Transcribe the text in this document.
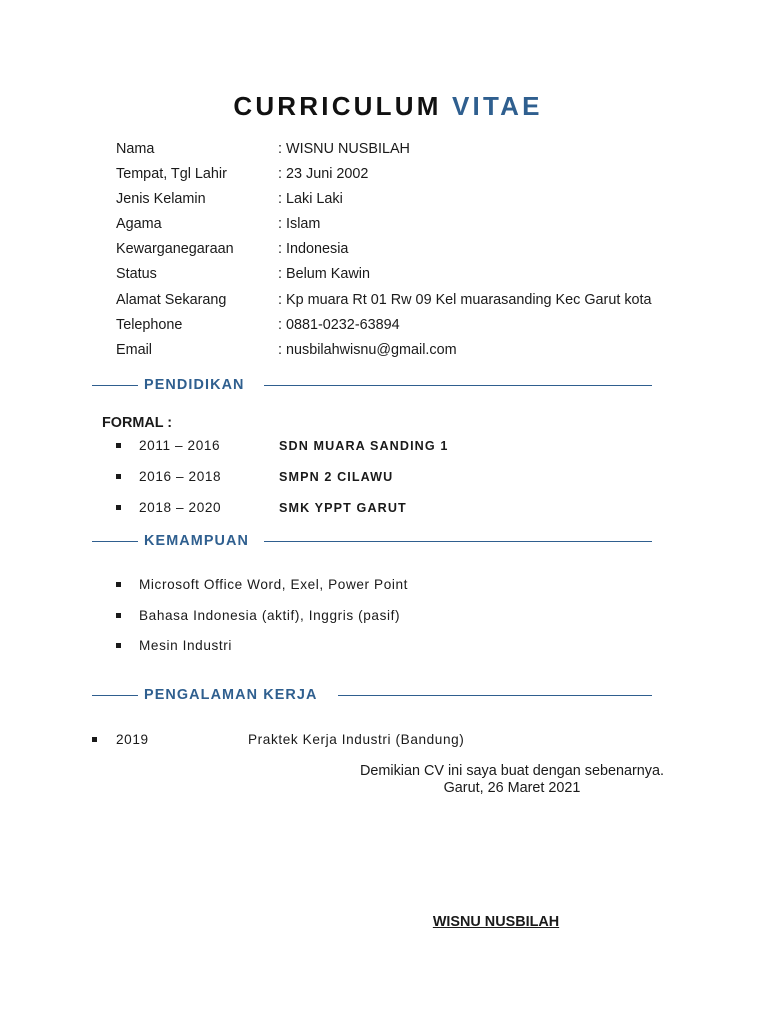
CURRICULUM VITAE
Nama	: WISNU NUSBILAH
Tempat, Tgl Lahir	: 23 Juni 2002
Jenis Kelamin	: Laki Laki
Agama	: Islam
Kewarganegaraan	: Indonesia
Status	: Belum Kawin
Alamat Sekarang	: Kp muara Rt 01 Rw 09 Kel muarasanding Kec Garut kota
Telephone	: 0881-0232-63894
Email	: nusbilahwisnu@gmail.com
PENDIDIKAN
FORMAL :
2011 – 2016	SDN MUARA SANDING 1
2016 – 2018	SMPN 2 CILAWU
2018 – 2020	SMK YPPT GARUT
KEMAMPUAN
Microsoft Office Word, Exel, Power Point
Bahasa Indonesia (aktif), Inggris (pasif)
Mesin Industri
PENGALAMAN KERJA
2019	Praktek Kerja Industri (Bandung)
Demikian CV ini saya buat dengan sebenarnya.
Garut, 26 Maret 2021
WISNU NUSBILAH
